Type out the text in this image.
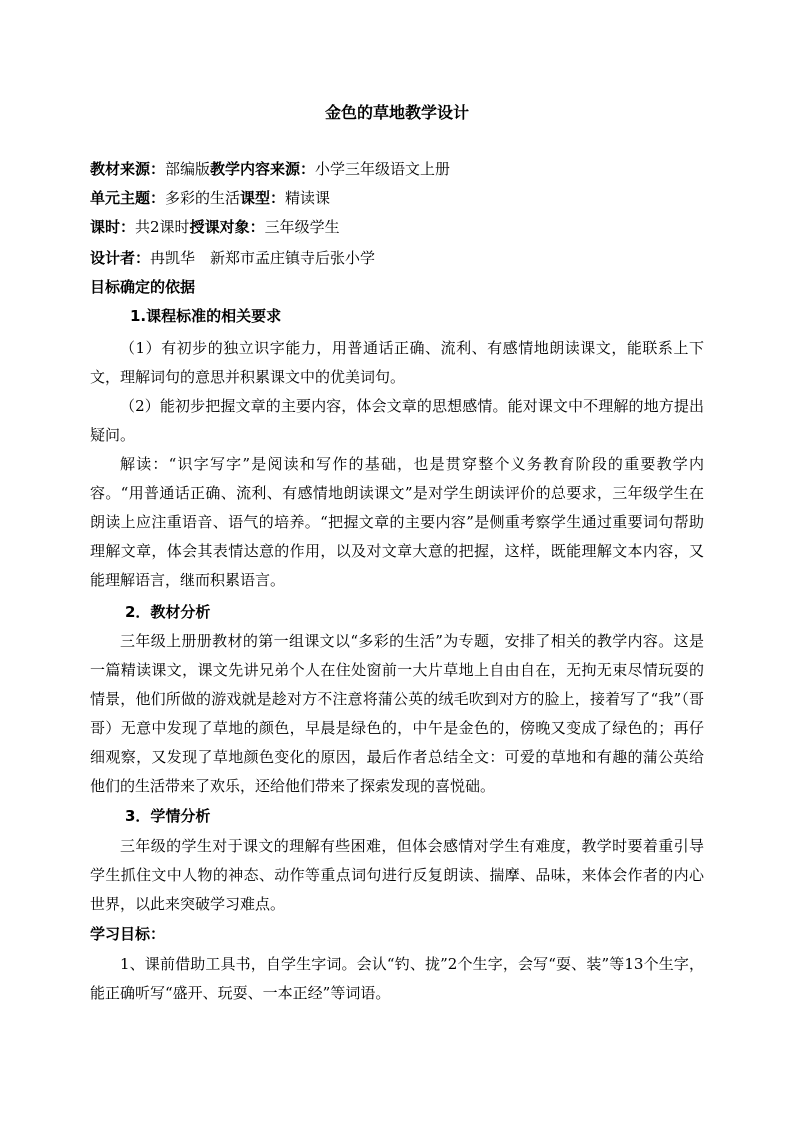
金色的草地教学设计
教材来源：部编版教学内容来源：小学三年级语文上册
单元主题：多彩的生活课型：精读课
课时：共2课时授课对象：三年级学生
设计者：冉凯华　新郑市孟庄镇寺后张小学
目标确定的依据
1.课程标准的相关要求
（1）有初步的独立识字能力，用普通话正确、流利、有感情地朗读课文，能联系上下文，理解词句的意思并积累课文中的优美词句。
（2）能初步把握文章的主要内容，体会文章的思想感情。能对课文中不理解的地方提出疑问。
解读：“识字写字”是阅读和写作的基础，也是贯穿整个义务教育阶段的重要教学内容。“用普通话正确、流利、有感情地朗读课文”是对学生朗读评价的总要求，三年级学生在朗读上应注重语音、语气的培养。“把握文章的主要内容”是侧重考察学生通过重要词句帮助理解文章，体会其表情达意的作用，以及对文章大意的把握，这样，既能理解文本内容，又能理解语言，继而积累语言。
2．教材分析
三年级上册册教材的第一组课文以“多彩的生活”为专题，安排了相关的教学内容。这是一篇精读课文，课文先讲兄弟个人在住处窗前一大片草地上自由自在，无拘无束尽情玩耍的情景，他们所做的游戏就是趁对方不注意将蒲公英的绒毛吹到对方的脸上，接着写了“我”（哥哥）无意中发现了草地的颜色，早晨是绿色的，中午是金色的，傍晚又变成了绿色的；再仔细观察，又发现了草地颜色变化的原因，最后作者总结全文：可爱的草地和有趣的蒲公英给他们的生活带来了欢乐，还给他们带来了探索发现的喜悦础。
3．学情分析
三年级的学生对于课文的理解有些困难，但体会感情对学生有难度，教学时要着重引导学生抓住文中人物的神态、动作等重点词句进行反复朗读、揣摩、品味，来体会作者的内心世界，以此来突破学习难点。
学习目标：
1、课前借助工具书，自学生字词。会认“钓、拢”2个生字，会写“耍、装”等13个生字，能正确听写“盛开、玩耍、一本正经”等词语。
